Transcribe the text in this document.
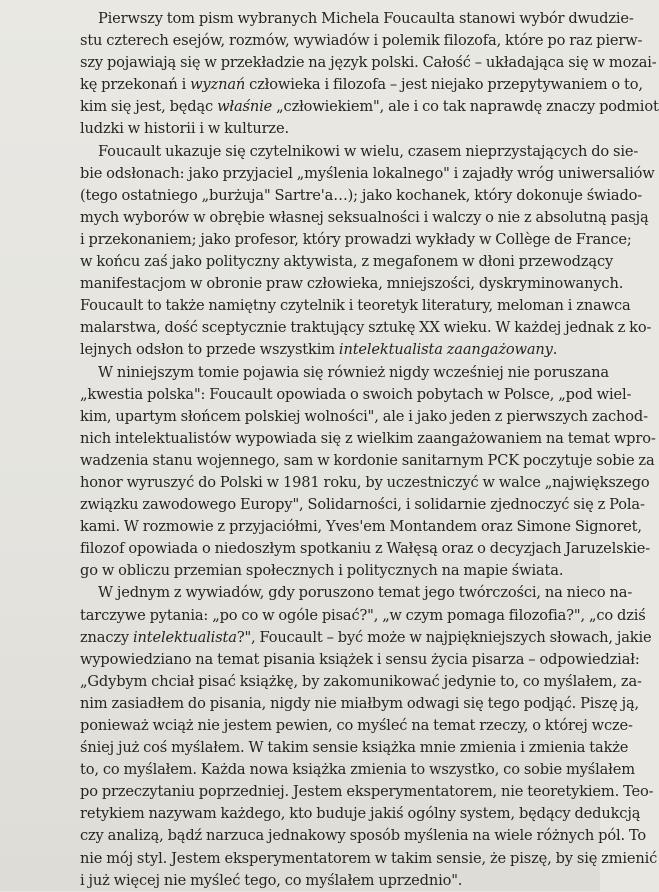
Pierwszy tom pism wybranych Michela Foucaulta stanowi wybór dwudzie-
stu czterech esejów, rozmów, wywiadów i polemik filozofa, które po raz pierw-
szy pojawiają się w przekładzie na język polski. Całość – układająca się w mozai-
kę przekonań i wyznań człowieka i filozofa – jest niejako przepytywaniem o to,
kim się jest, będąc właśnie „człowiekiem", ale i co tak naprawdę znaczy podmiot
ludzki w historii i w kulturze.
Foucault ukazuje się czytelnikowi w wielu, czasem nieprzystających do sie-
bie odsłonach: jako przyjaciel „myślenia lokalnego" i zajadły wróg uniwersaliów
(tego ostatniego „burżuja" Sartre'a…); jako kochanek, który dokonuje świado-
mych wyborów w obrębie własnej seksualności i walczy o nie z absolutną pasją
i przekonaniem; jako profesor, który prowadzi wykłady w Collège de France;
w końcu zaś jako polityczny aktywista, z megafonem w dłoni przewodzący
manifestacjom w obronie praw człowieka, mniejszości, dyskryminowanych.
Foucault to także namiętny czytelnik i teoretyk literatury, meloman i znawca
malarstwa, dość sceptycznie traktujący sztukę XX wieku. W każdej jednak z ko-
lejnych odsłon to przede wszystkim intelektualista zaangażowany.
W niniejszym tomie pojawia się również nigdy wcześniej nie poruszana
„kwestia polska": Foucault opowiada o swoich pobytach w Polsce, „pod wiel-
kim, upartym słońcem polskiej wolności", ale i jako jeden z pierwszych zachod-
nich intelektualistów wypowiada się z wielkim zaangażowaniem na temat wpro-
wadzenia stanu wojennego, sam w kordonie sanitarnym PCK poczytuje sobie za
honor wyruszyć do Polski w 1981 roku, by uczestniczyć w walce „największego
związku zawodowego Europy", Solidarności, i solidarnie zjednoczyć się z Pola-
kami. W rozmowie z przyjaciółmi, Yves'em Montandem oraz Simone Signoret,
filozof opowiada o niedoszłym spotkaniu z Wałęsą oraz o decyzjach Jaruzelskie-
go w obliczu przemian społecznych i politycznych na mapie świata.
W jednym z wywiadów, gdy poruszono temat jego twórczości, na nieco na-
tarczywe pytania: „po co w ogóle pisać?", „w czym pomaga filozofia?", „co dziś
znaczy intelektualista?", Foucault – być może w najpiękniejszych słowach, jakie
wypowiedziano na temat pisania książek i sensu życia pisarza – odpowiedział:
„Gdybym chciał pisać książkę, by zakomunikować jedynie to, co myślałem, za-
nim zasiadłem do pisania, nigdy nie miałbym odwagi się tego podjąć. Piszę ją,
ponieważ wciąż nie jestem pewien, co myśleć na temat rzeczy, o której wcze-
śniej już coś myślałem. W takim sensie książka mnie zmienia i zmienia także
to, co myślałem. Każda nowa książka zmienia to wszystko, co sobie myślałem
po przeczytaniu poprzedniej. Jestem eksperymentatorem, nie teoretykiem. Teo-
retykiem nazywam każdego, kto buduje jakiś ogólny system, będący dedukcją
czy analizą, bądź narzuca jednakowy sposób myślenia na wiele różnych pól. To
nie mój styl. Jestem eksperymentatorem w takim sensie, że piszę, by się zmienić
i już więcej nie myśleć tego, co myślałem uprzednio".
